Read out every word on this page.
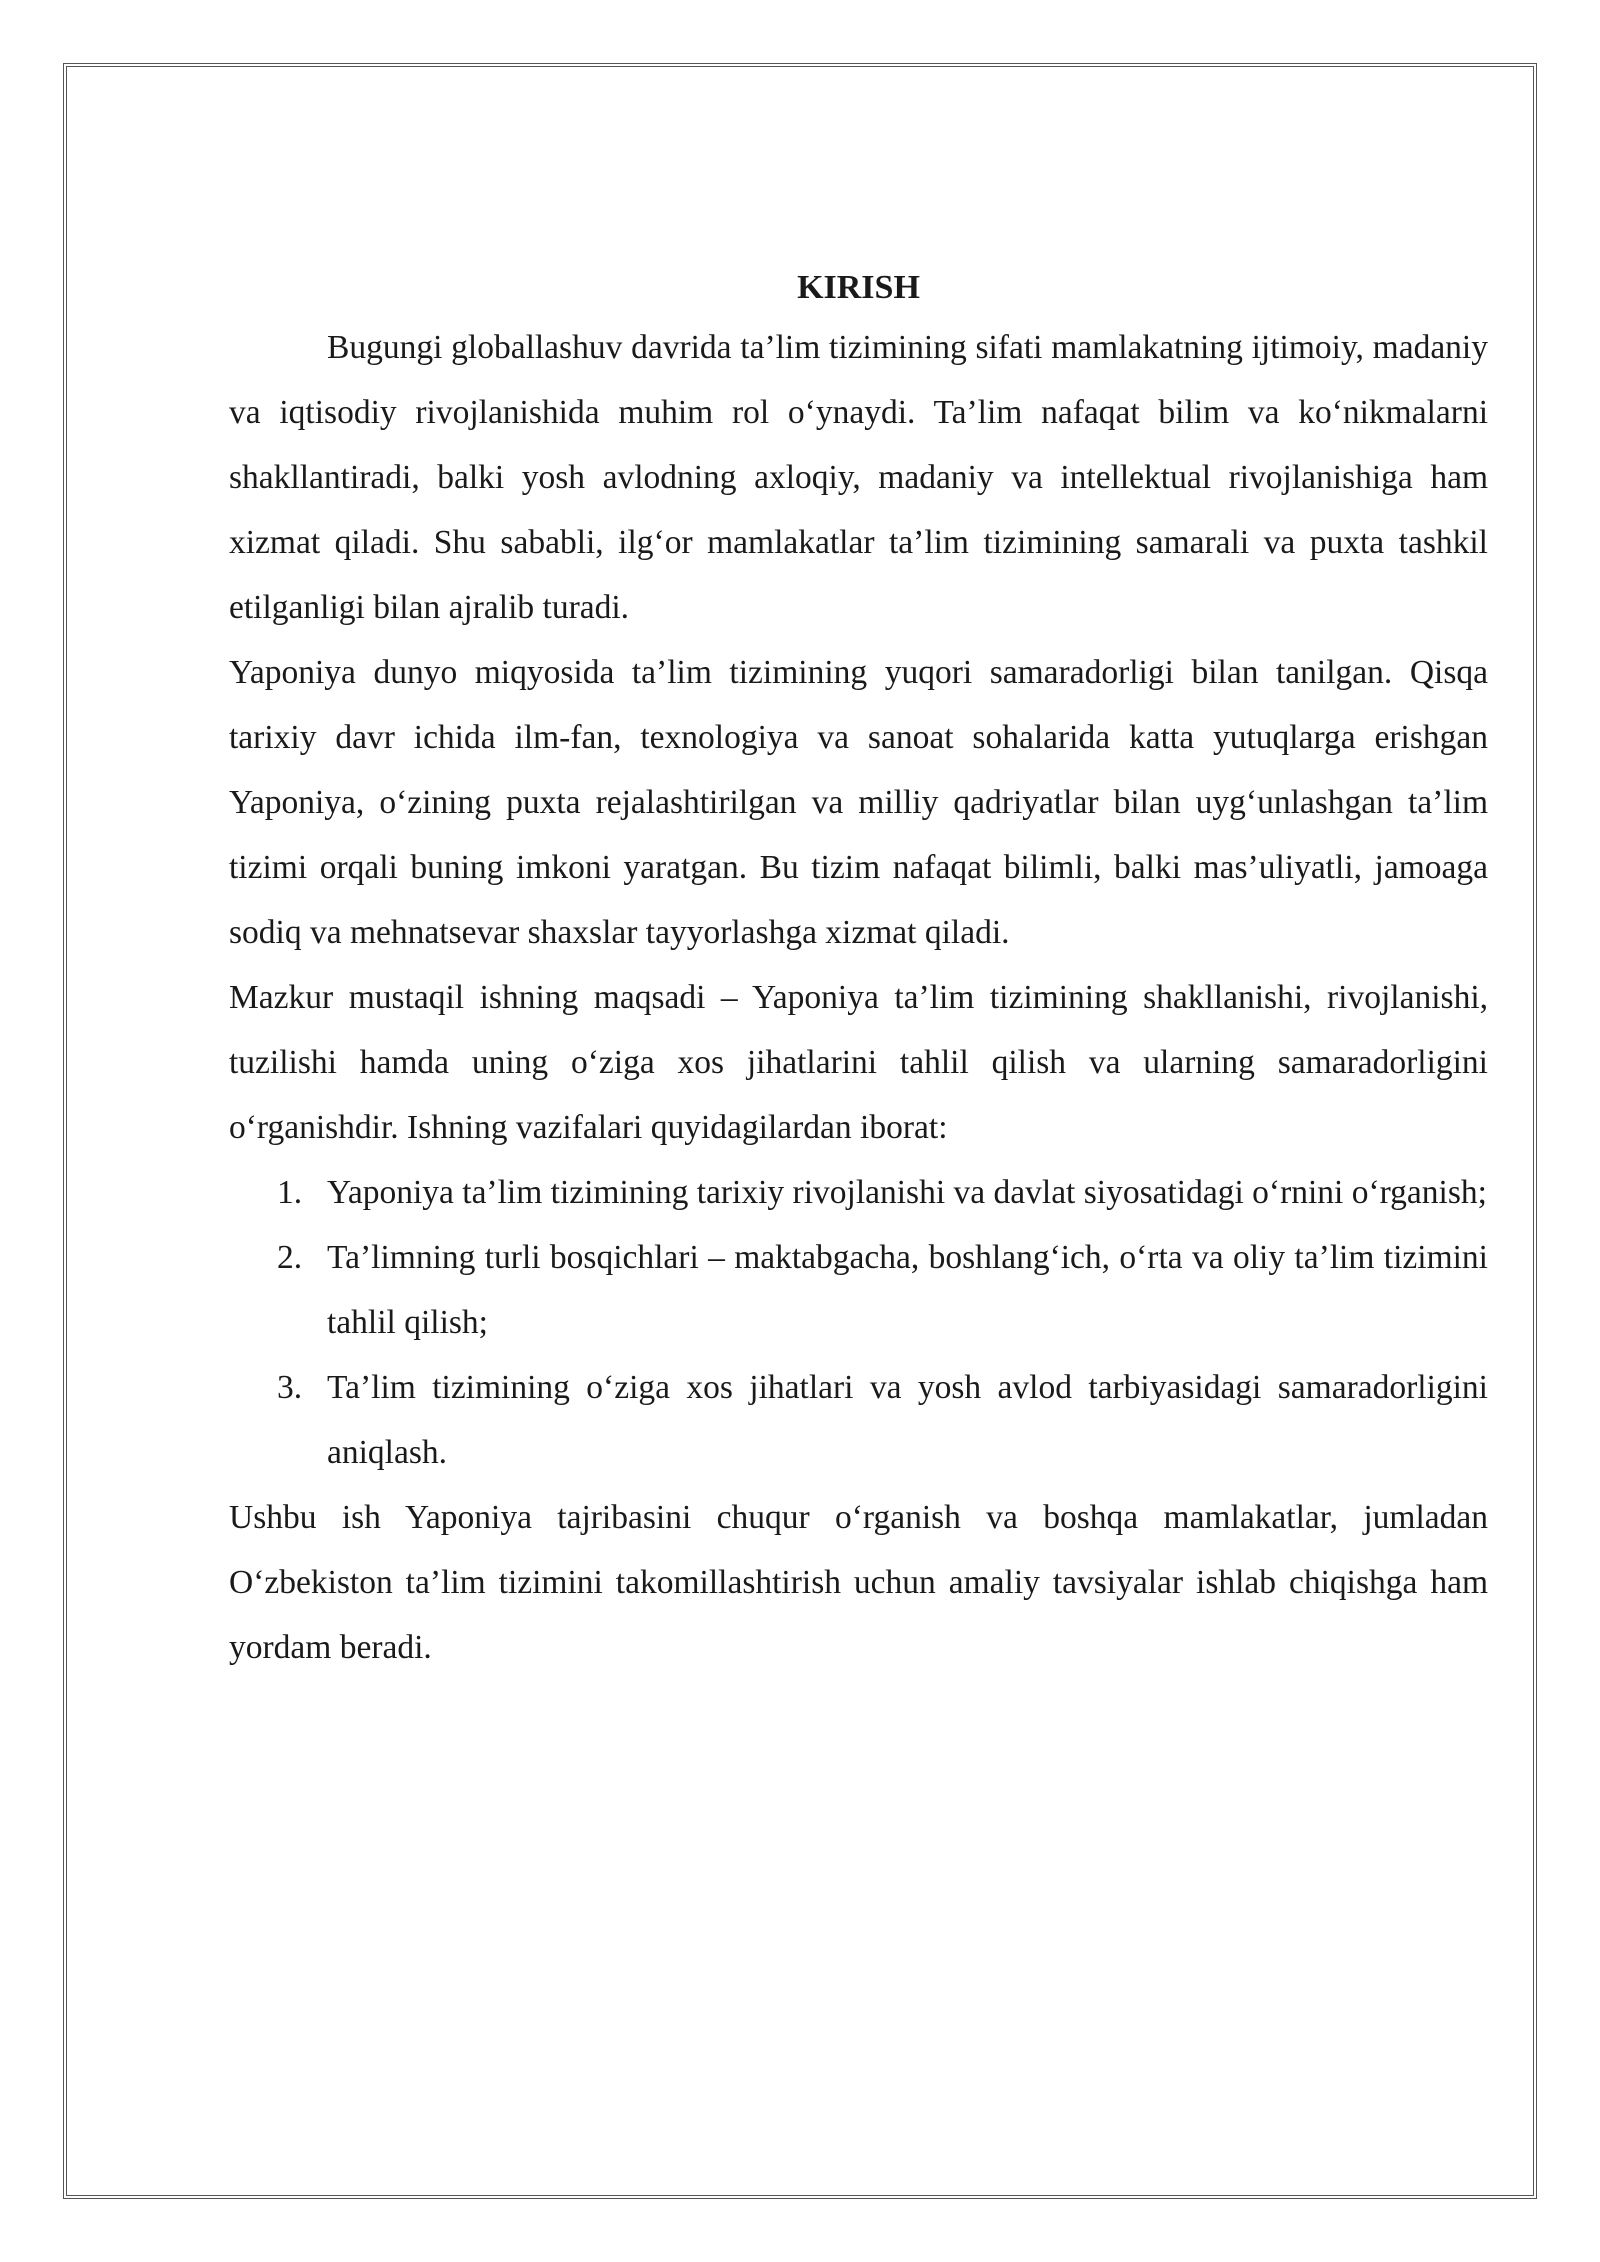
KIRISH

Bugungi globallashuv davrida ta’lim tizimining sifati mamlakatning ijtimoiy, madaniy va iqtisodiy rivojlanishida muhim rol o‘ynaydi. Ta’lim nafaqat bilim va ko‘nikmalarni shakllantiradi, balki yosh avlodning axloqiy, madaniy va intellektual rivojlanishiga ham xizmat qiladi. Shu sababli, ilg‘or mamlakatlar ta’lim tizimining samarali va puxta tashkil etilganligi bilan ajralib turadi.

Yaponiya dunyo miqyosida ta’lim tizimining yuqori samaradorligi bilan tanilgan. Qisqa tarixiy davr ichida ilm-fan, texnologiya va sanoat sohalarida katta yutuqlarga erishgan Yaponiya, o‘zining puxta rejalashtirilgan va milliy qadriyatlar bilan uyg‘unlashgan ta’lim tizimi orqali buning imkoni yaratgan. Bu tizim nafaqat bilimli, balki mas’uliyatli, jamoaga sodiq va mehnatsevar shaxslar tayyorlashga xizmat qiladi.

Mazkur mustaqil ishning maqsadi – Yaponiya ta’lim tizimining shakllanishi, rivojlanishi, tuzilishi hamda uning o‘ziga xos jihatlarini tahlil qilish va ularning samaradorligini o‘rganishdir. Ishning vazifalari quyidagilardan iborat:

1. Yaponiya ta’lim tizimining tarixiy rivojlanishi va davlat siyosatidagi o‘rnini o‘rganish;
2. Ta’limning turli bosqichlari – maktabgacha, boshlang‘ich, o‘rta va oliy ta’lim tizimini tahlil qilish;
3. Ta’lim tizimining o‘ziga xos jihatlari va yosh avlod tarbiyasidagi samaradorligini aniqlash.

Ushbu ish Yaponiya tajribasini chuqur o‘rganish va boshqa mamlakatlar, jumladan O‘zbekiston ta’lim tizimini takomillashtirish uchun amaliy tavsiyalar ishlab chiqishga ham yordam beradi.
